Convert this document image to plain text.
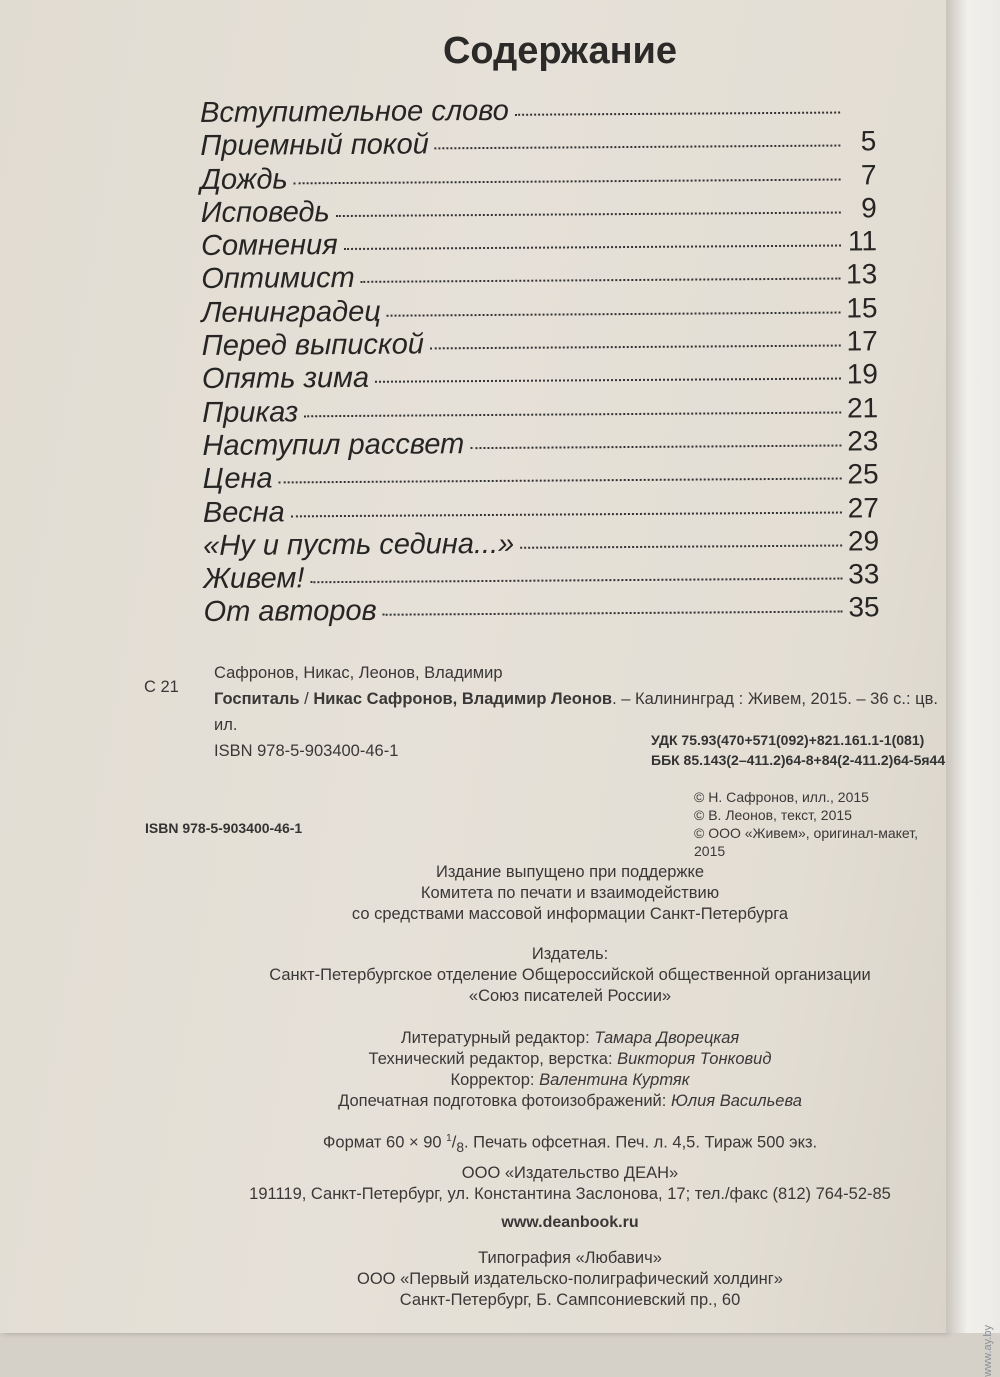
Содержание
Вступительное слово
Приемный покой	5
Дождь	7
Исповедь	9
Сомнения	11
Оптимист	13
Ленинградец	15
Перед выпиской	17
Опять зима	19
Приказ	21
Наступил рассвет	23
Цена	25
Весна	27
«Ну и пусть седина...»	29
Живем!	33
От авторов	35
С 21
Сафронов, Никас, Леонов, Владимир
Госпиталь / Никас Сафронов, Владимир Леонов. – Калининград : Живем, 2015. – 36 с.: цв. ил.
ISBN 978-5-903400-46-1
УДК 75.93(470+571(092)+821.161.1-1(081)
ББК 85.143(2–411.2)64-8+84(2-411.2)64-5я44
ISBN 978-5-903400-46-1
© Н. Сафронов, илл., 2015
© В. Леонов, текст, 2015
© ООО «Живем», оригинал-макет, 2015
Издание выпущено при поддержке
Комитета по печати и взаимодействию
со средствами массовой информации Санкт-Петербурга
Издатель:
Санкт-Петербургское отделение Общероссийской общественной организации
«Союз писателей России»
Литературный редактор: Тамара Дворецкая
Технический редактор, верстка: Виктория Тонковид
Корректор: Валентина Куртяк
Допечатная подготовка фотоизображений: Юлия Васильева
Формат 60 × 90 $^1/_8$. Печать офсетная. Печ. л. 4,5. Тираж 500 экз.
ООО «Издательство ДЕАН»
191119, Санкт-Петербург, ул. Константина Заслонова, 17; тел./факс (812) 764-52-85
www.deanbook.ru
Типография «Любавич»
ООО «Первый издательско-полиграфический холдинг»
Санкт-Петербург, Б. Сампсониевский пр., 60
www.ay.by
